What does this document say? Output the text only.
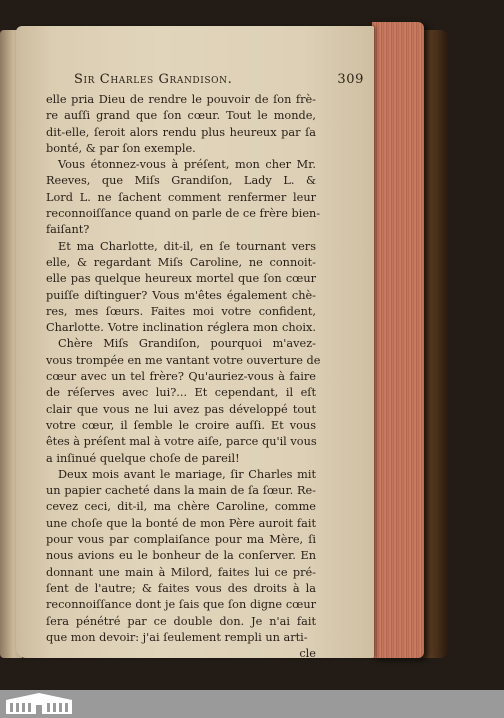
Sir Charles Grandison.	309
elle pria Dieu de rendre le pouvoir de ſon frè-
re auſſi grand que ſon cœur. Tout le monde,
dit-elle, ſeroit alors rendu plus heureux par ſa
bonté, & par ſon exemple.
Vous étonnez-vous à préſent, mon cher Mr.
Reeves, que Miſs Grandiſon, Lady L. &
Lord L. ne ſachent comment renfermer leur
reconnoiſſance quand on parle de ce frère bien-
faiſant?
Et ma Charlotte, dit-il, en ſe tournant vers
elle, & regardant Miſs Caroline, ne connoit-
elle pas quelque heureux mortel que ſon cœur
puiſſe diſtinguer? Vous m'êtes également chè-
res, mes ſœurs. Faites moi votre confident,
Charlotte. Votre inclination réglera mon choix.
Chère Miſs Grandiſon, pourquoi m'avez-
vous trompée en me vantant votre ouverture de
cœur avec un tel frère? Qu'auriez-vous à faire
de réſerves avec lui?... Et cependant, il eſt
clair que vous ne lui avez pas développé tout
votre cœur, il ſemble le croire auſſi. Et vous
êtes à préſent mal à votre aiſe, parce qu'il vous
a inſinué quelque choſe de pareil!
Deux mois avant le mariage, ſir Charles mit
un papier cacheté dans la main de ſa ſœur. Re-
cevez ceci, dit-il, ma chère Caroline, comme
une choſe que la bonté de mon Père auroit fait
pour vous par complaiſance pour ma Mère, ſi
nous avions eu le bonheur de la conſerver. En
donnant une main à Milord, faites lui ce pré-
ſent de l'autre; & faites vous des droits à la
reconnoiſſance dont je ſais que ſon digne cœur
ſera pénétré par ce double don. Je n'ai fait
que mon devoir: j'ai ſeulement rempli un arti-
cle
